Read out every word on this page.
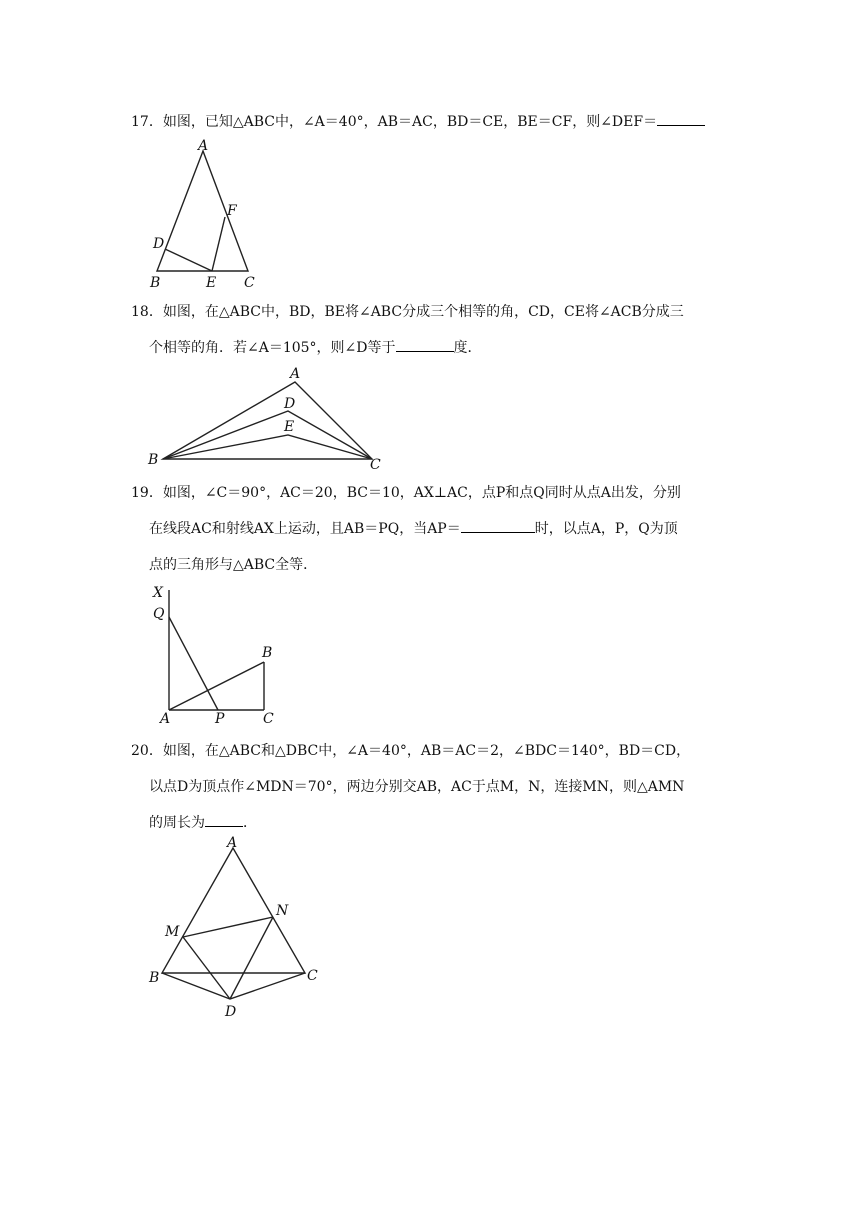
17．如图，已知△ABC中，∠A＝40°，AB＝AC，BD＝CE，BE＝CF，则∠DEF＝

A
B	C
D
E
F

18．如图，在△ABC中，BD，BE将∠ABC分成三个相等的角，CD，CE将∠ACB分成三

个相等的角．若∠A＝105°，则∠D等于	度．

A
D
E
B	C

19．如图，∠C＝90°，AC＝20，BC＝10，AX⊥AC，点P和点Q同时从点A出发，分别

在线段AC和射线AX上运动，且AB＝PQ，当AP＝	时，以点A，P，Q为顶

点的三角形与△ABC全等．

X
Q
A	P	C
B

20．如图，在△ABC和△DBC中，∠A＝40°，AB＝AC＝2，∠BDC＝140°，BD＝CD，

以点D为顶点作∠MDN＝70°，两边分别交AB，AC于点M，N，连接MN，则△AMN

的周长为	．

A
B	C
D
M
N
